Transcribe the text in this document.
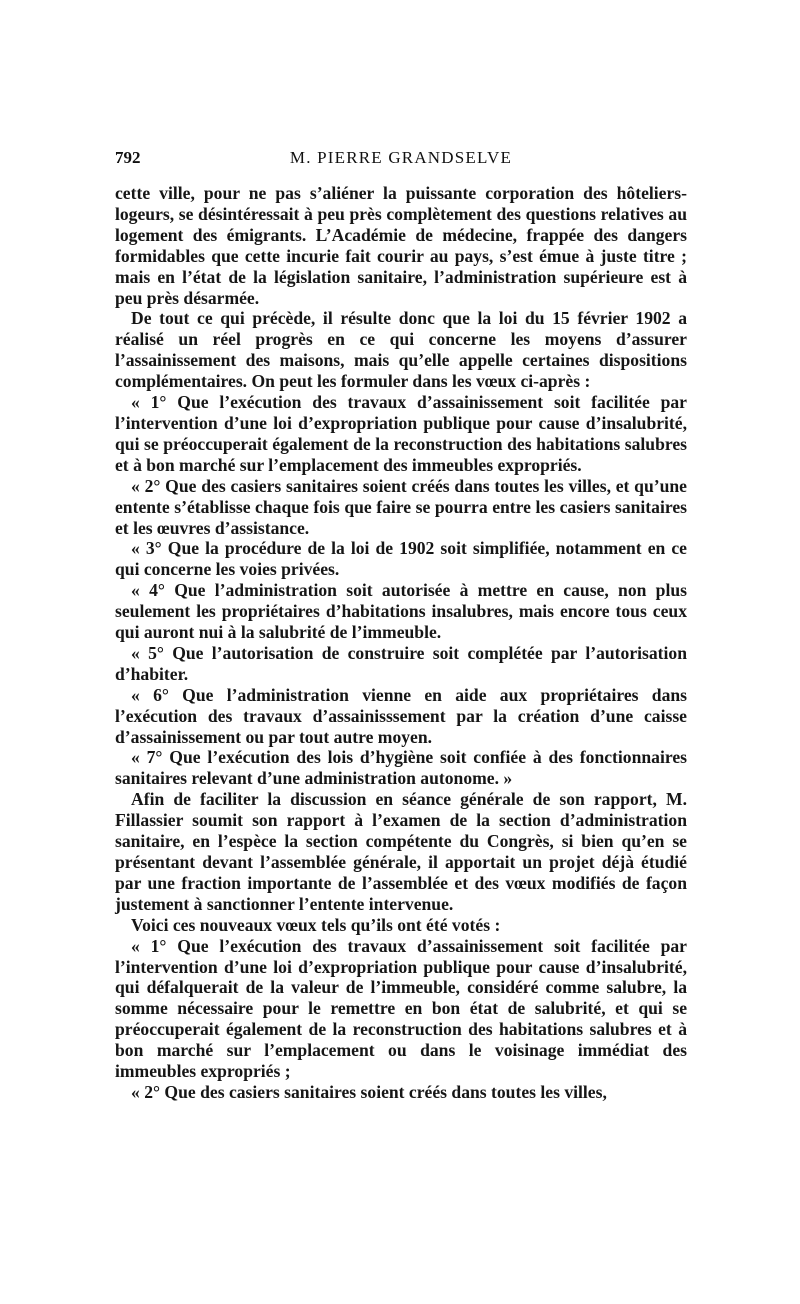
792	M. PIERRE GRANDSELVE

cette ville, pour ne pas s’aliéner la puissante corporation des hôteliers-logeurs, se désintéressait à peu près complètement des questions relatives au logement des émigrants. L’Académie de médecine, frappée des dangers formidables que cette incurie fait courir au pays, s’est émue à juste titre ; mais en l’état de la législation sanitaire, l’administration supérieure est à peu près désarmée.

De tout ce qui précède, il résulte donc que la loi du 15 février 1902 a réalisé un réel progrès en ce qui concerne les moyens d’assurer l’assainissement des maisons, mais qu’elle appelle certaines dispositions complémentaires. On peut les formuler dans les vœux ci-après :

« 1° Que l’exécution des travaux d’assainissement soit facilitée par l’intervention d’une loi d’expropriation publique pour cause d’insalubrité, qui se préoccuperait également de la reconstruction des habitations salubres et à bon marché sur l’emplacement des immeubles expropriés.

« 2° Que des casiers sanitaires soient créés dans toutes les villes, et qu’une entente s’établisse chaque fois que faire se pourra entre les casiers sanitaires et les œuvres d’assistance.

« 3° Que la procédure de la loi de 1902 soit simplifiée, notamment en ce qui concerne les voies privées.

« 4° Que l’administration soit autorisée à mettre en cause, non plus seulement les propriétaires d’habitations insalubres, mais encore tous ceux qui auront nui à la salubrité de l’immeuble.

« 5° Que l’autorisation de construire soit complétée par l’autorisation d’habiter.

« 6° Que l’administration vienne en aide aux propriétaires dans l’exécution des travaux d’assainisssement par la création d’une caisse d’assainissement ou par tout autre moyen.

« 7° Que l’exécution des lois d’hygiène soit confiée à des fonctionnaires sanitaires relevant d’une administration autonome. »

Afin de faciliter la discussion en séance générale de son rapport, M. Fillassier soumit son rapport à l’examen de la section d’administration sanitaire, en l’espèce la section compétente du Congrès, si bien qu’en se présentant devant l’assemblée générale, il apportait un projet déjà étudié par une fraction importante de l’assemblée et des vœux modifiés de façon justement à sanctionner l’entente intervenue.

Voici ces nouveaux vœux tels qu’ils ont été votés :

« 1° Que l’exécution des travaux d’assainissement soit facilitée par l’intervention d’une loi d’expropriation publique pour cause d’insalubrité, qui défalquerait de la valeur de l’immeuble, considéré comme salubre, la somme nécessaire pour le remettre en bon état de salubrité, et qui se préoccuperait également de la reconstruction des habitations salubres et à bon marché sur l’emplacement ou dans le voisinage immédiat des immeubles expropriés ;

« 2° Que des casiers sanitaires soient créés dans toutes les villes,
